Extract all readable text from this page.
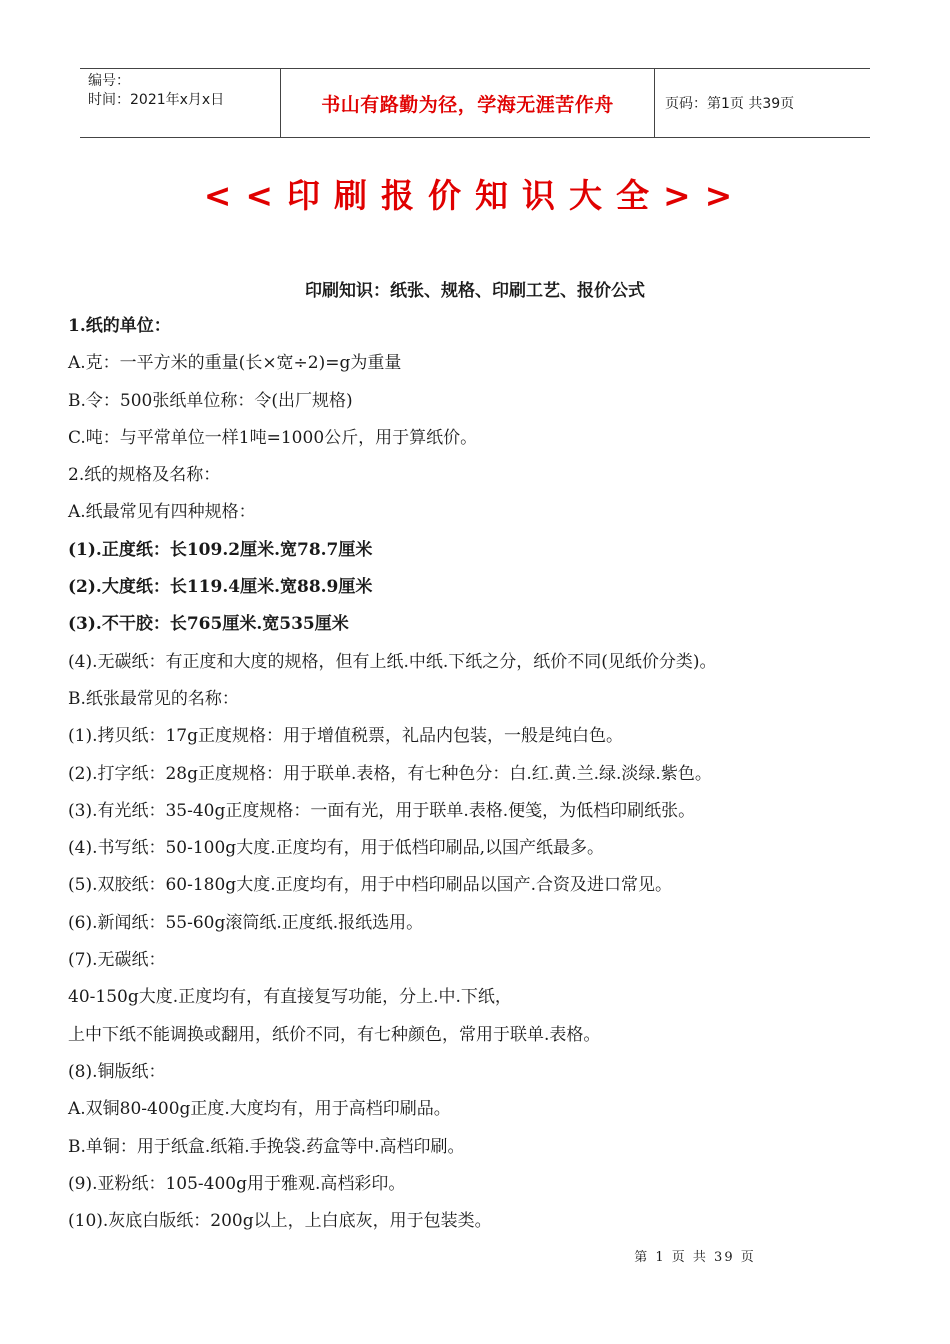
编号：
时间：2021年x月x日	书山有路勤为径，学海无涯苦作舟	页码：第1页 共39页
<<印刷报价知识大全>>
印刷知识：纸张、规格、印刷工艺、报价公式
1.纸的单位：
A.克：一平方米的重量(长×宽÷2)=g为重量
B.令：500张纸单位称：令(出厂规格)
C.吨：与平常单位一样1吨=1000公斤，用于算纸价。
2.纸的规格及名称：
A.纸最常见有四种规格：
(1).正度纸：长109.2厘米.宽78.7厘米
(2).大度纸：长119.4厘米.宽88.9厘米
(3).不干胶：长765厘米.宽535厘米
(4).无碳纸：有正度和大度的规格，但有上纸.中纸.下纸之分，纸价不同(见纸价分类)。
B.纸张最常见的名称：
(1).拷贝纸：17g正度规格：用于增值税票，礼品内包装，一般是纯白色。
(2).打字纸：28g正度规格：用于联单.表格，有七种色分：白.红.黄.兰.绿.淡绿.紫色。
(3).有光纸：35-40g正度规格：一面有光，用于联单.表格.便笺，为低档印刷纸张。
(4).书写纸：50-100g大度.正度均有，用于低档印刷品,以国产纸最多。
(5).双胶纸：60-180g大度.正度均有，用于中档印刷品以国产.合资及进口常见。
(6).新闻纸：55-60g滚筒纸.正度纸.报纸选用。
(7).无碳纸：
40-150g大度.正度均有，有直接复写功能，分上.中.下纸，
上中下纸不能调换或翻用，纸价不同，有七种颜色，常用于联单.表格。
(8).铜版纸：
A.双铜80-400g正度.大度均有，用于高档印刷品。
B.单铜：用于纸盒.纸箱.手挽袋.药盒等中.高档印刷。
(9).亚粉纸：105-400g用于雅观.高档彩印。
(10).灰底白版纸：200g以上，上白底灰，用于包装类。
第 1 页 共 39 页
